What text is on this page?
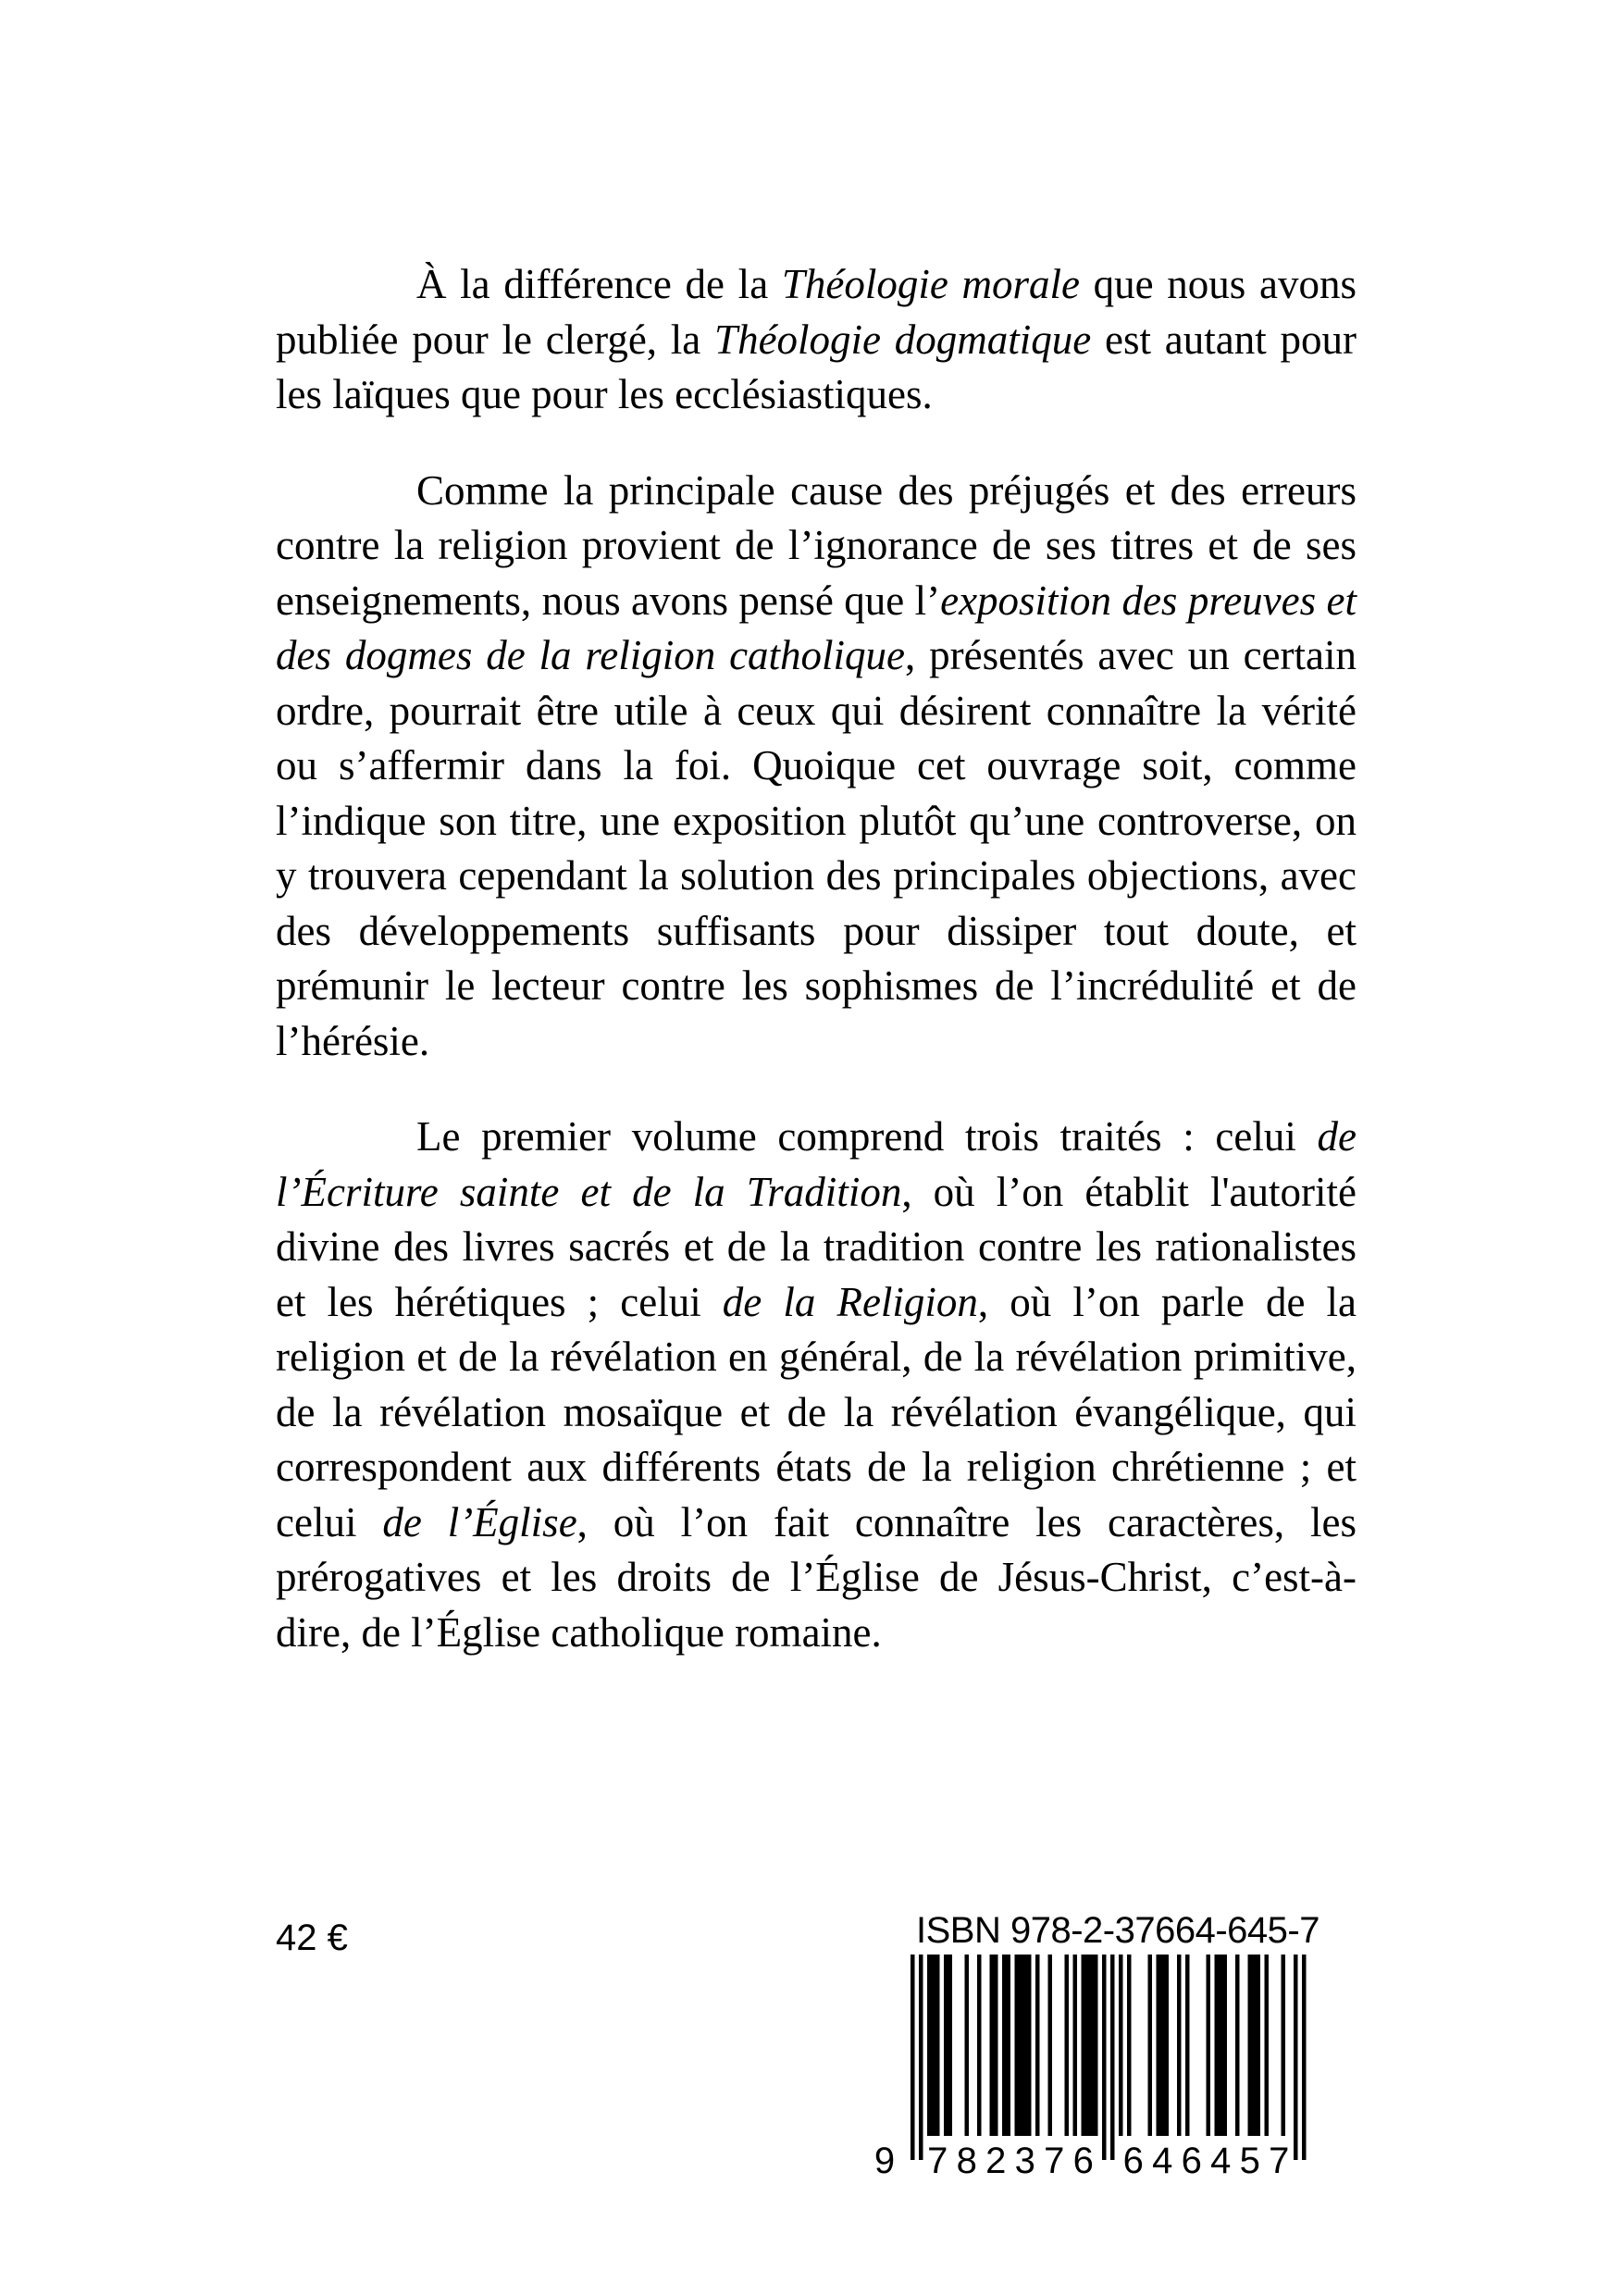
À la différence de la Théologie morale que nous avons publiée pour le clergé, la Théologie dogmatique est autant pour les laïques que pour les ecclésiastiques.

Comme la principale cause des préjugés et des erreurs contre la religion provient de l’ignorance de ses titres et de ses enseignements, nous avons pensé que l’exposition des preuves et des dogmes de la religion catholique, présentés avec un certain ordre, pourrait être utile à ceux qui désirent connaître la vérité ou s’affermir dans la foi. Quoique cet ouvrage soit, comme l’indique son titre, une exposition plutôt qu’une controverse, on y trouvera cependant la solution des principales objections, avec des développements suffisants pour dissiper tout doute, et prémunir le lecteur contre les sophismes de l’incrédulité et de l’hérésie.

Le premier volume comprend trois traités : celui de l’Écriture sainte et de la Tradition, où l’on établit l'autorité divine des livres sacrés et de la tradition contre les rationalistes et les hérétiques ; celui de la Religion, où l’on parle de la religion et de la révélation en général, de la révélation primitive, de la révélation mosaïque et de la révélation évangélique, qui correspondent aux différents états de la religion chrétienne ; et celui de l’Église, où l’on fait connaître les caractères, les prérogatives et les droits de l’Église de Jésus-Christ, c’est-à-dire, de l’Église catholique romaine.

42 €	ISBN 978-2-37664-645-7
9 7 8 2 3 7 6 6 4 6 4 5 7
